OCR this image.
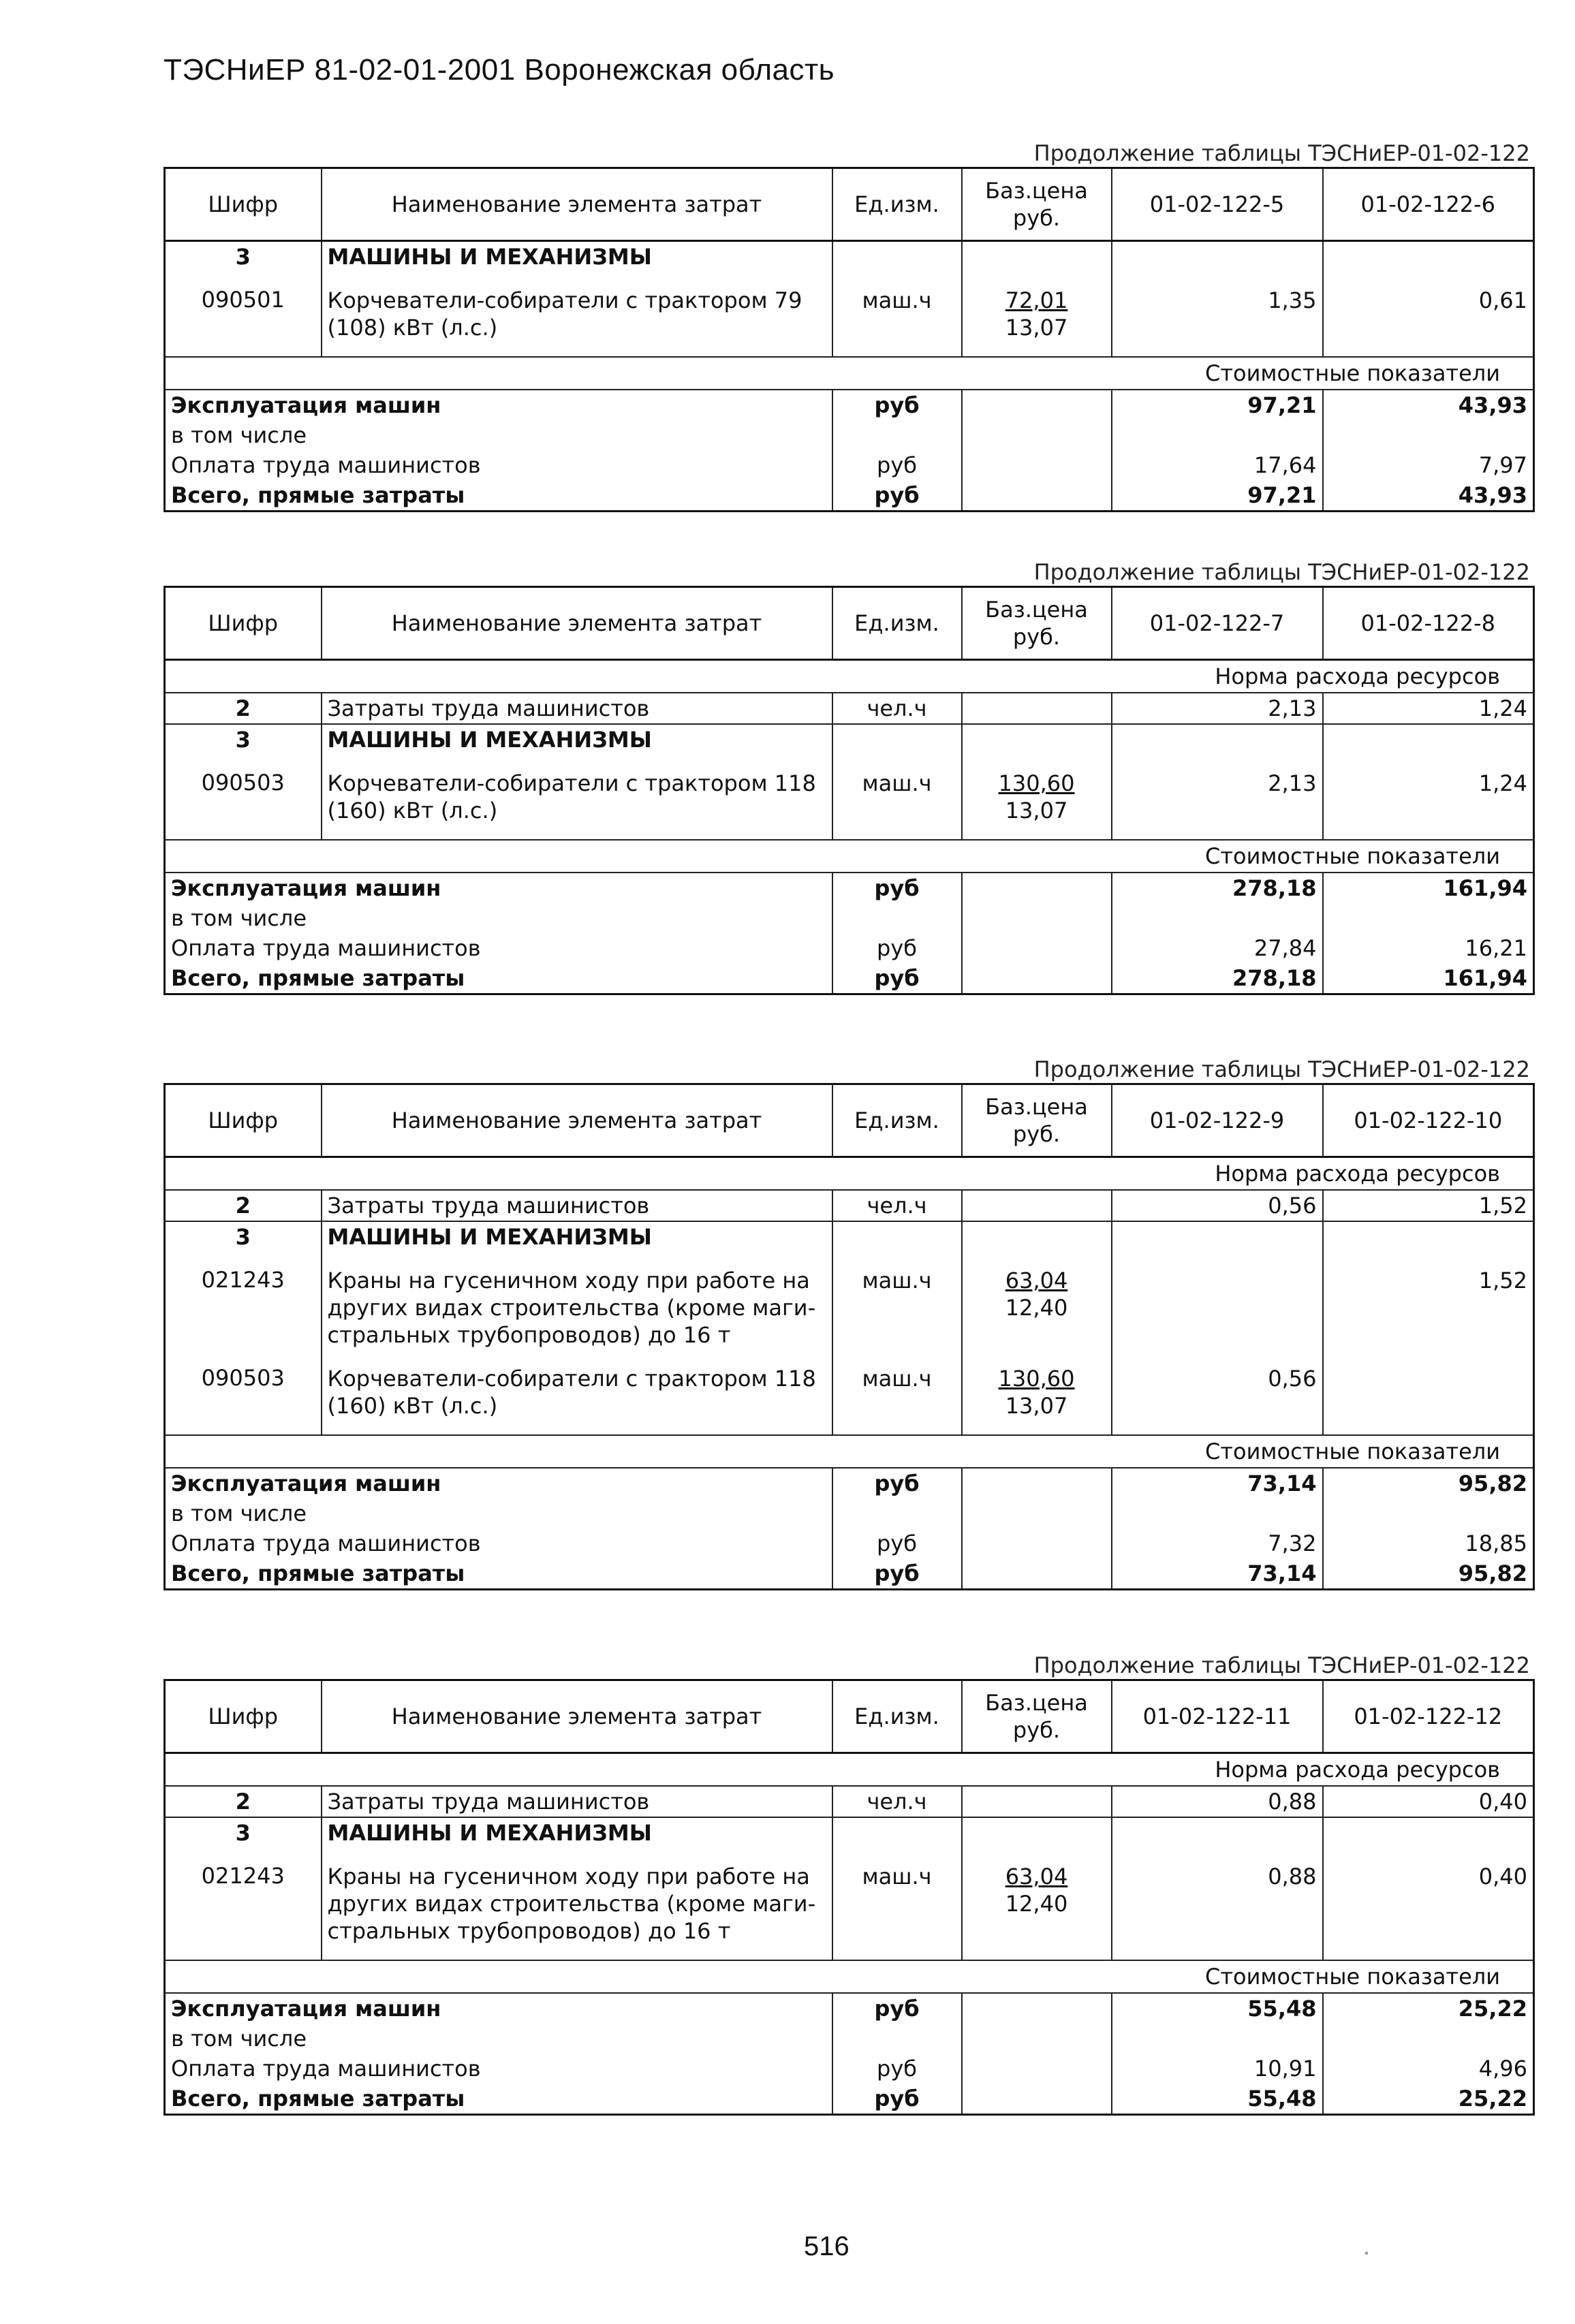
ТЭСНиЕР 81-02-01-2001 Воронежская область
Продолжение таблицы ТЭСНиЕР-01-02-122
Шифр	Наименование элемента затрат	Ед.изм.	Баз.цена
руб.	01-02-122-5	01-02-122-6
3	МАШИНЫ И МЕХАНИЗМЫ				

090501	Корчеватели-собиратели с трактором 79
(108) кВт (л.с.)	маш.ч	72,01
13,07	1,35	0,61

Стоимостные показатели					
Эксплуатация машин		руб		97,21	43,93
в том числе					
Оплата труда машинистов		руб		17,64	7,97
Всего, прямые затраты		руб		97,21	43,93
Продолжение таблицы ТЭСНиЕР-01-02-122
Шифр	Наименование элемента затрат	Ед.изм.	Баз.цена
руб.	01-02-122-7	01-02-122-8
Норма расхода ресурсов					
2	Затраты труда машинистов	чел.ч		2,13	1,24
3	МАШИНЫ И МЕХАНИЗМЫ				

090503	Корчеватели-собиратели с трактором 118
(160) кВт (л.с.)	маш.ч	130,60
13,07	2,13	1,24

Стоимостные показатели					
Эксплуатация машин		руб		278,18	161,94
в том числе					
Оплата труда машинистов		руб		27,84	16,21
Всего, прямые затраты		руб		278,18	161,94
Продолжение таблицы ТЭСНиЕР-01-02-122
Шифр	Наименование элемента затрат	Ед.изм.	Баз.цена
руб.	01-02-122-9	01-02-122-10
Норма расхода ресурсов					
2	Затраты труда машинистов	чел.ч		0,56	1,52
3	МАШИНЫ И МЕХАНИЗМЫ				

021243	Краны на гусеничном ходу при работе на
других видах строительства (кроме маги-
стральных трубопроводов) до 16 т	маш.ч	63,04
12,40		1,52

090503	Корчеватели-собиратели с трактором 118
(160) кВт (л.с.)	маш.ч	130,60
13,07	0,56	

Стоимостные показатели					
Эксплуатация машин		руб		73,14	95,82
в том числе					
Оплата труда машинистов		руб		7,32	18,85
Всего, прямые затраты		руб		73,14	95,82
Продолжение таблицы ТЭСНиЕР-01-02-122
Шифр	Наименование элемента затрат	Ед.изм.	Баз.цена
руб.	01-02-122-11	01-02-122-12
Норма расхода ресурсов					
2	Затраты труда машинистов	чел.ч		0,88	0,40
3	МАШИНЫ И МЕХАНИЗМЫ				

021243	Краны на гусеничном ходу при работе на
других видах строительства (кроме маги-
стральных трубопроводов) до 16 т	маш.ч	63,04
12,40	0,88	0,40

Стоимостные показатели					
Эксплуатация машин		руб		55,48	25,22
в том числе					
Оплата труда машинистов		руб		10,91	4,96
Всего, прямые затраты		руб		55,48	25,22
516
